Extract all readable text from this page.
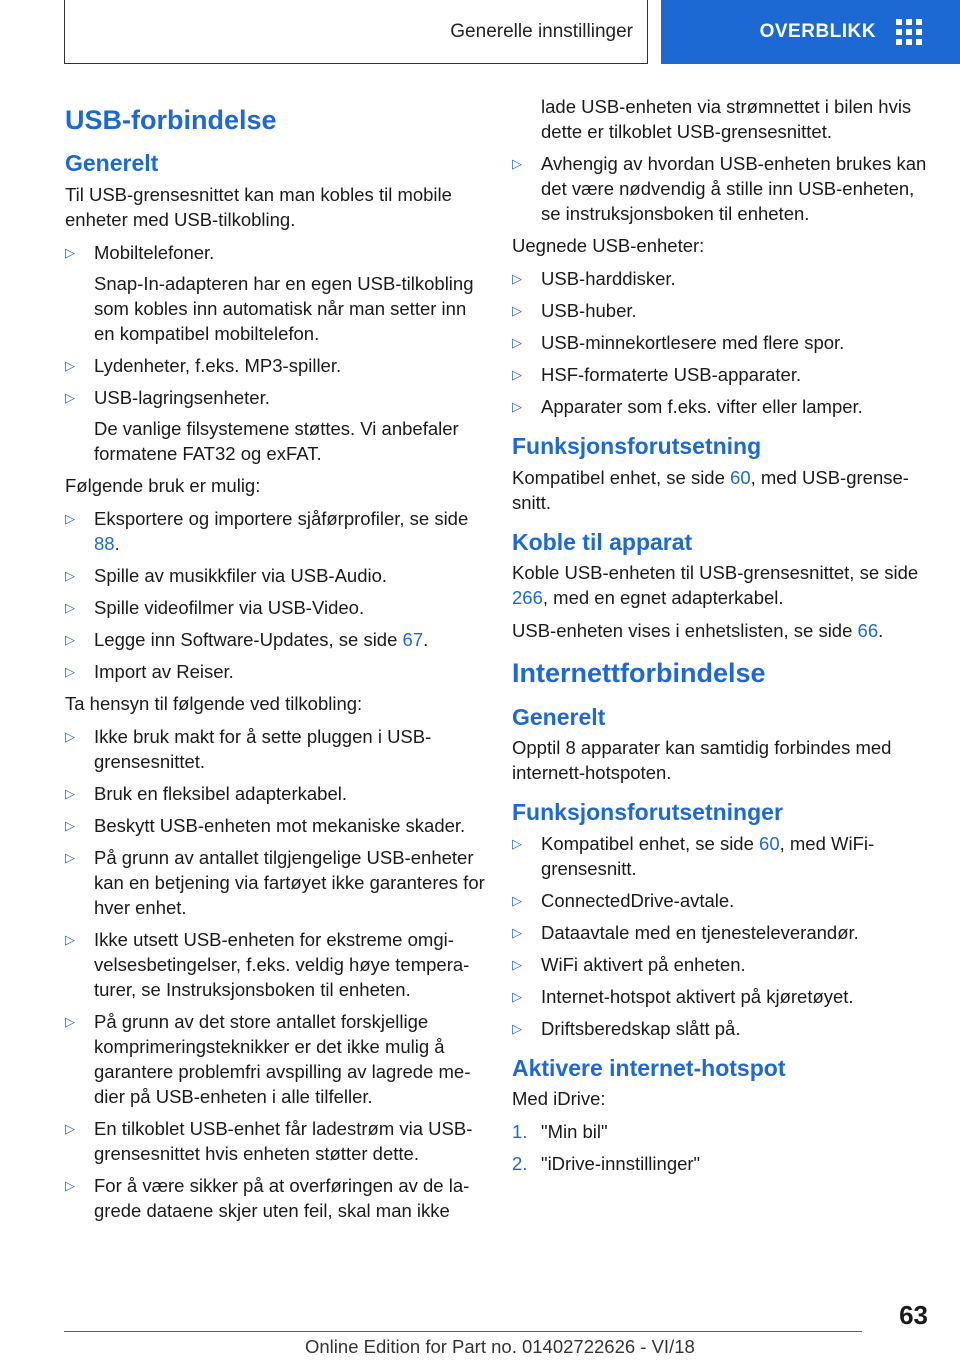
Generelle innstillinger	OVERBLIKK
USB-forbindelse
Generelt

Til USB-grensesnittet kan man kobles til mobile enheter med USB-tilkobling.

▷ Mobiltelefoner.

Snap-In-adapteren har en egen USB-tilkobling som kobles inn automatisk når man setter inn en kompatibel mobiltelefon.

▷ Lydenheter, f.eks. MP3-spiller.
▷ USB-lagringsenheter.

De vanlige filsystemene støttes. Vi anbefaler formatene FAT32 og exFAT.

Følgende bruk er mulig:

▷ Eksportere og importere sjåførprofiler, se side 88.
▷ Spille av musikkfiler via USB-Audio.
▷ Spille videofilmer via USB-Video.
▷ Legge inn Software-Updates, se side 67.
▷ Import av Reiser.

Ta hensyn til følgende ved tilkobling:

▷ Ikke bruk makt for å sette pluggen i USB-grensesnittet.
▷ Bruk en fleksibel adapterkabel.
▷ Beskytt USB-enheten mot mekaniske skader.
▷ På grunn av antallet tilgjengelige USB-enheter kan en betjening via fartøyet ikke garanteres for hver enhet.
▷ Ikke utsett USB-enheten for ekstreme omgivelsesbetingelser, f.eks. veldig høye temperaturer, se Instruksjonsboken til enheten.
▷ På grunn av det store antallet forskjellige komprimeringsteknikker er det ikke mulig å garantere problemfri avspilling av lagrede medier på USB-enheten i alle tilfeller.
▷ En tilkoblet USB-enhet får ladestrøm via USB-grensesnittet hvis enheten støtter dette.
▷ For å være sikker på at overføringen av de lagrede dataene skjer uten feil, skal man ikke
lade USB-enheten via strømnettet i bilen hvis dette er tilkoblet USB-grensesnittet.
▷ Avhengig av hvordan USB-enheten brukes kan det være nødvendig å stille inn USB-enheten, se instruksjonsboken til enheten.

Uegnede USB-enheter:

▷ USB-harddisker.
▷ USB-huber.
▷ USB-minnekortlesere med flere spor.
▷ HSF-formaterte USB-apparater.
▷ Apparater som f.eks. vifter eller lamper.
Funksjonsforutsetning

Kompatibel enhet, se side 60, med USB-grensesnitt.

Koble til apparat

Koble USB-enheten til USB-grensesnittet, se side 266, med en egnet adapterkabel.

USB-enheten vises i enhetslisten, se side 66.

Internettforbindelse
Generelt

Opptil 8 apparater kan samtidig forbindes med internett-hotspoten.

Funksjonsforutsetninger
▷ Kompatibel enhet, se side 60, med WiFi-grensesnitt.
▷ ConnectedDrive-avtale.
▷ Dataavtale med en tjenesteleverandør.
▷ WiFi aktivert på enheten.
▷ Internet-hotspot aktivert på kjøretøyet.
▷ Driftsberedskap slått på.
Aktivere internet-hotspot

Med iDrive:

1. "Min bil"
2. "iDrive-innstillinger"
63
Online Edition for Part no. 01402722626 - VI/18
